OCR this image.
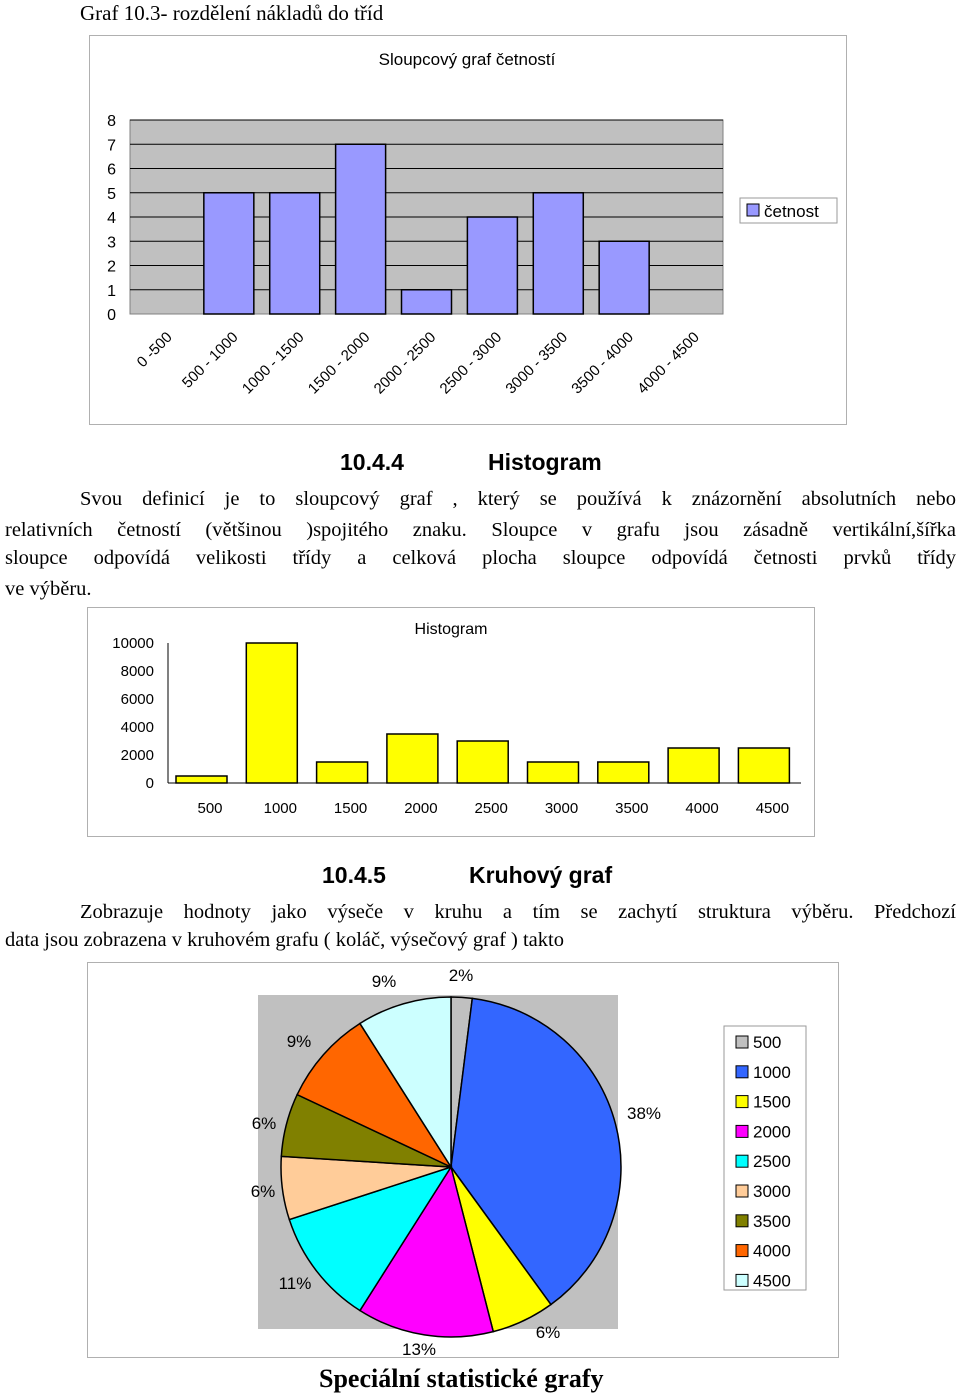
Graf 10.3- rozdělení nákladů do tříd
Sloupcový graf četností
0
1
2
3
4
5
6
7
8
0 -500 500 - 1000
1000 - 1500
1500 - 2000
2000 - 2500
2500 - 3000
3000 - 3500
3500 - 4000
4000 - 4500
četnost
10.4.4	Histogram
Svou definicí je to sloupcový graf , který se používá k znázornění absolutních nebo
relativních četností (většinou )spojitého znaku. Sloupce v grafu jsou zásadně vertikální,šířka
sloupce odpovídá velikosti třídy a celková plocha sloupce odpovídá četnosti prvků třídy
ve výběru.
Histogram
0
2000
4000
6000
8000
10000
500	1000 1500 2000 2500 3000 3500 4000 4500
10.4.5	Kruhový graf
Zobrazuje hodnoty jako výseče v kruhu a tím se zachytí struktura výběru. Předchozí
data jsou zobrazena v kruhovém grafu ( koláč, výsečový graf ) takto
2%
38%
6%
13%
11%
6%
6%
9%
9%
500
1000
1500
2000
2500
3000
3500
4000
4500
Speciální statistické grafy
